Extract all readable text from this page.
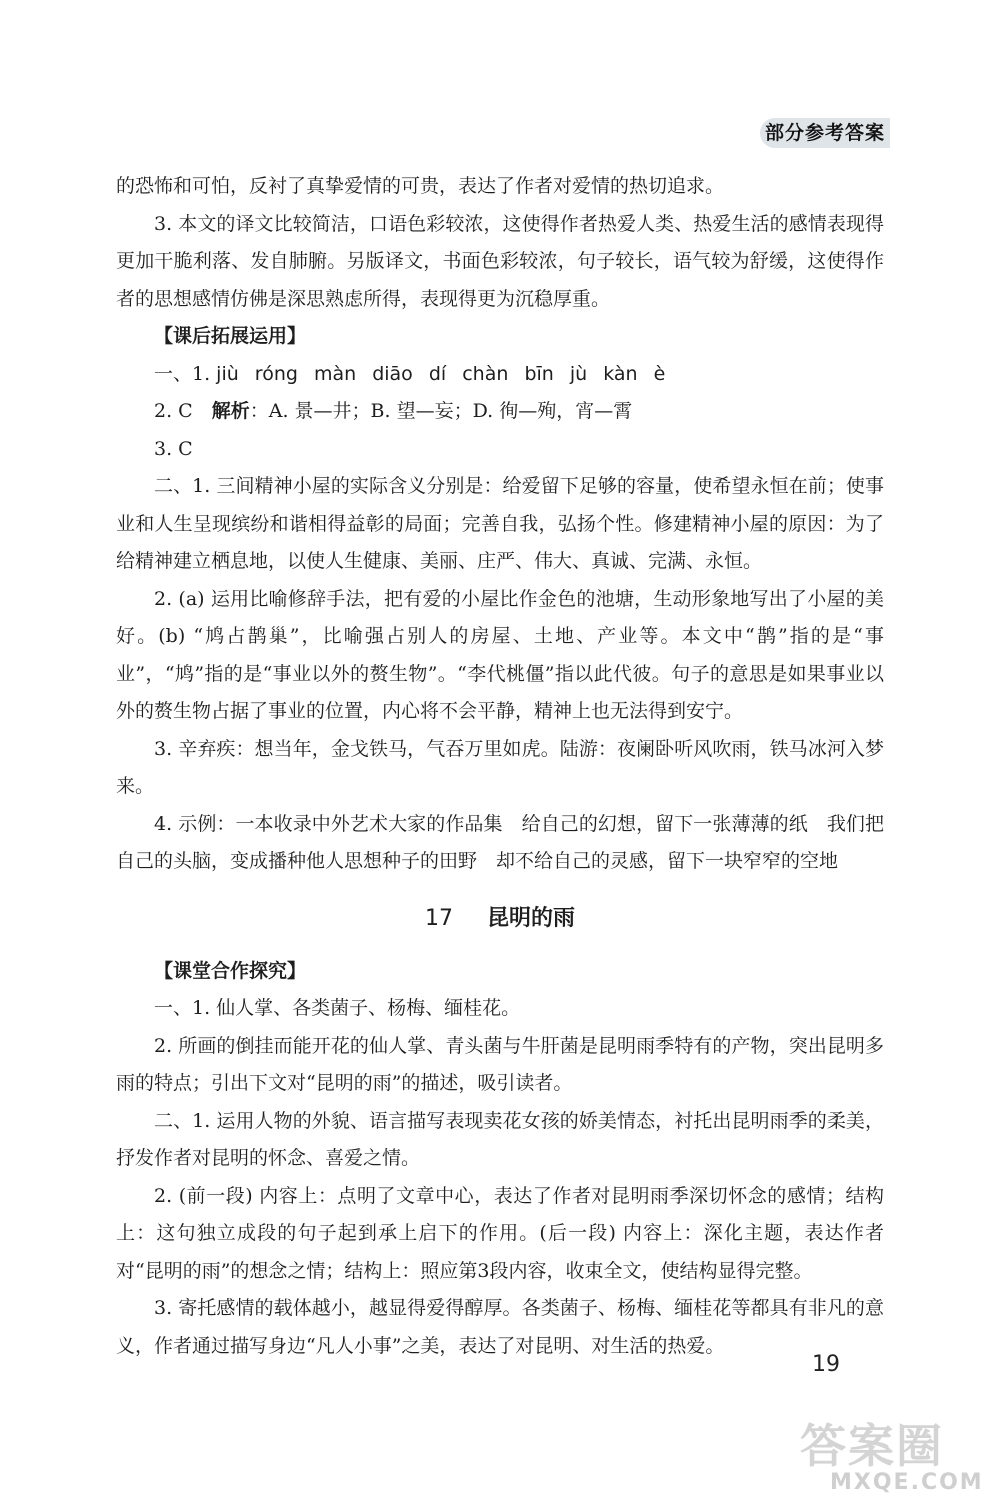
部分参考答案

的恐怖和可怕，反衬了真挚爱情的可贵，表达了作者对爱情的热切追求。

3. 本文的译文比较简洁，口语色彩较浓，这使得作者热爱人类、热爱生活的感情表现得更加干脆利落、发自肺腑。另版译文，书面色彩较浓，句子较长，语气较为舒缓，这使得作者的思想感情仿佛是深思熟虑所得，表现得更为沉稳厚重。

【课后拓展运用】

一、1. jiù róng màn diāo dí chàn bīn jù kàn è

2. C　解析：A. 景—井；B. 望—妄；D. 徇—殉，宵—霄

3. C

二、1. 三间精神小屋的实际含义分别是：给爱留下足够的容量，使希望永恒在前；使事业和人生呈现缤纷和谐相得益彰的局面；完善自我，弘扬个性。修建精神小屋的原因：为了给精神建立栖息地，以使人生健康、美丽、庄严、伟大、真诚、完满、永恒。

2. (a) 运用比喻修辞手法，把有爱的小屋比作金色的池塘，生动形象地写出了小屋的美好。(b) “鸠占鹊巢”，比喻强占别人的房屋、土地、产业等。本文中“鹊”指的是“事业”，“鸠”指的是“事业以外的赘生物”。“李代桃僵”指以此代彼。句子的意思是如果事业以外的赘生物占据了事业的位置，内心将不会平静，精神上也无法得到安宁。

3. 辛弃疾：想当年，金戈铁马，气吞万里如虎。陆游：夜阑卧听风吹雨，铁马冰河入梦来。

4. 示例：一本收录中外艺术大家的作品集　给自己的幻想，留下一张薄薄的纸　我们把自己的头脑，变成播种他人思想种子的田野　却不给自己的灵感，留下一块窄窄的空地

17 昆明的雨

【课堂合作探究】

一、1. 仙人掌、各类菌子、杨梅、缅桂花。

2. 所画的倒挂而能开花的仙人掌、青头菌与牛肝菌是昆明雨季特有的产物，突出昆明多雨的特点；引出下文对“昆明的雨”的描述，吸引读者。

二、1. 运用人物的外貌、语言描写表现卖花女孩的娇美情态，衬托出昆明雨季的柔美，抒发作者对昆明的怀念、喜爱之情。

2. (前一段) 内容上：点明了文章中心，表达了作者对昆明雨季深切怀念的感情；结构上：这句独立成段的句子起到承上启下的作用。(后一段) 内容上：深化主题，表达作者对“昆明的雨”的想念之情；结构上：照应第3段内容，收束全文，使结构显得完整。

3. 寄托感情的载体越小，越显得爱得醇厚。各类菌子、杨梅、缅桂花等都具有非凡的意义，作者通过描写身边“凡人小事”之美，表达了对昆明、对生活的热爱。

19
答案圈
MXQE.COM
